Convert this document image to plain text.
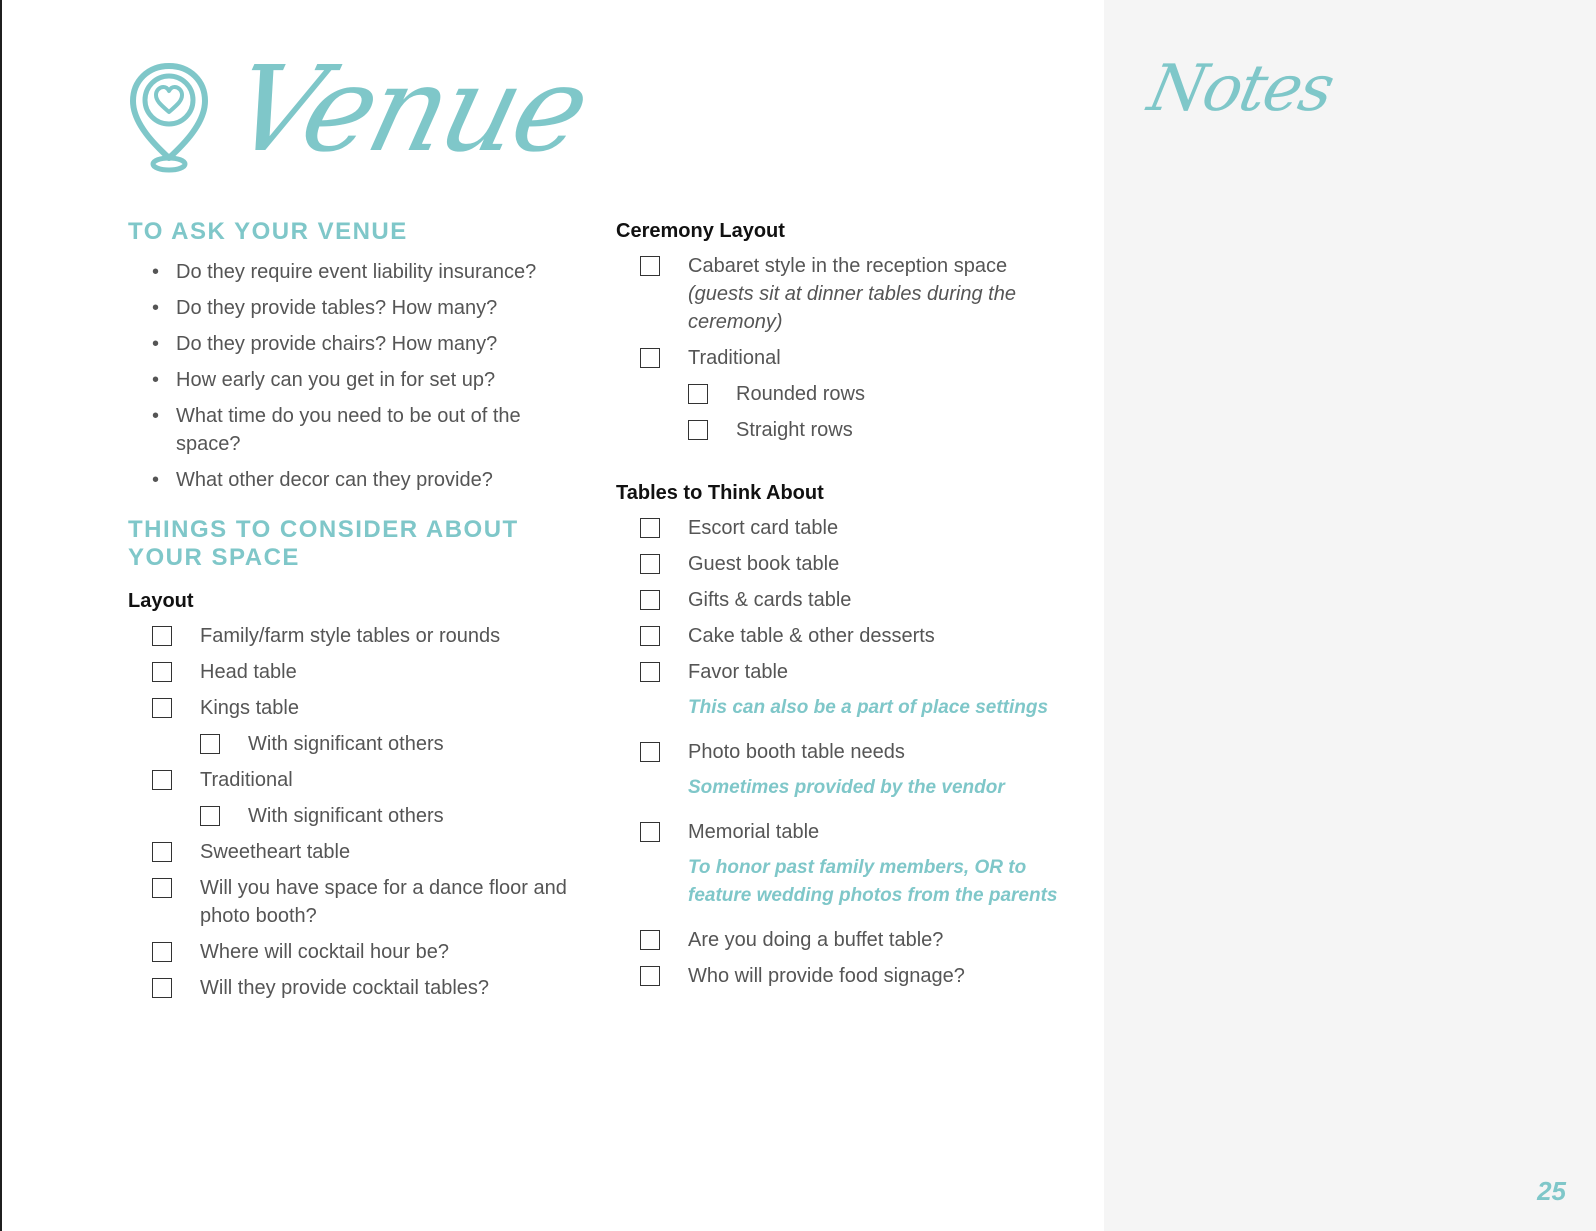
Venue
TO ASK YOUR VENUE
• Do they require event liability insurance?
• Do they provide tables? How many?
• Do they provide chairs? How many?
• How early can you get in for set up?
• What time do you need to be out of the space?
• What other decor can they provide?
THINGS TO CONSIDER ABOUT YOUR SPACE
Layout
Family/farm style tables or rounds
Head table
Kings table
With significant others
Traditional
With significant others
Sweetheart table
Will you have space for a dance floor and photo booth?
Where will cocktail hour be?
Will they provide cocktail tables?
Ceremony Layout
Cabaret style in the reception space (guests sit at dinner tables during the ceremony)
Traditional
Rounded rows
Straight rows
Tables to Think About
Escort card table
Guest book table
Gifts & cards table
Cake table & other desserts
Favor table

This can also be a part of place settings

Photo booth table needs

Sometimes provided by the vendor

Memorial table

To honor past family members, OR to feature wedding photos from the parents

Are you doing a buffet table?
Who will provide food signage?
Notes
25
